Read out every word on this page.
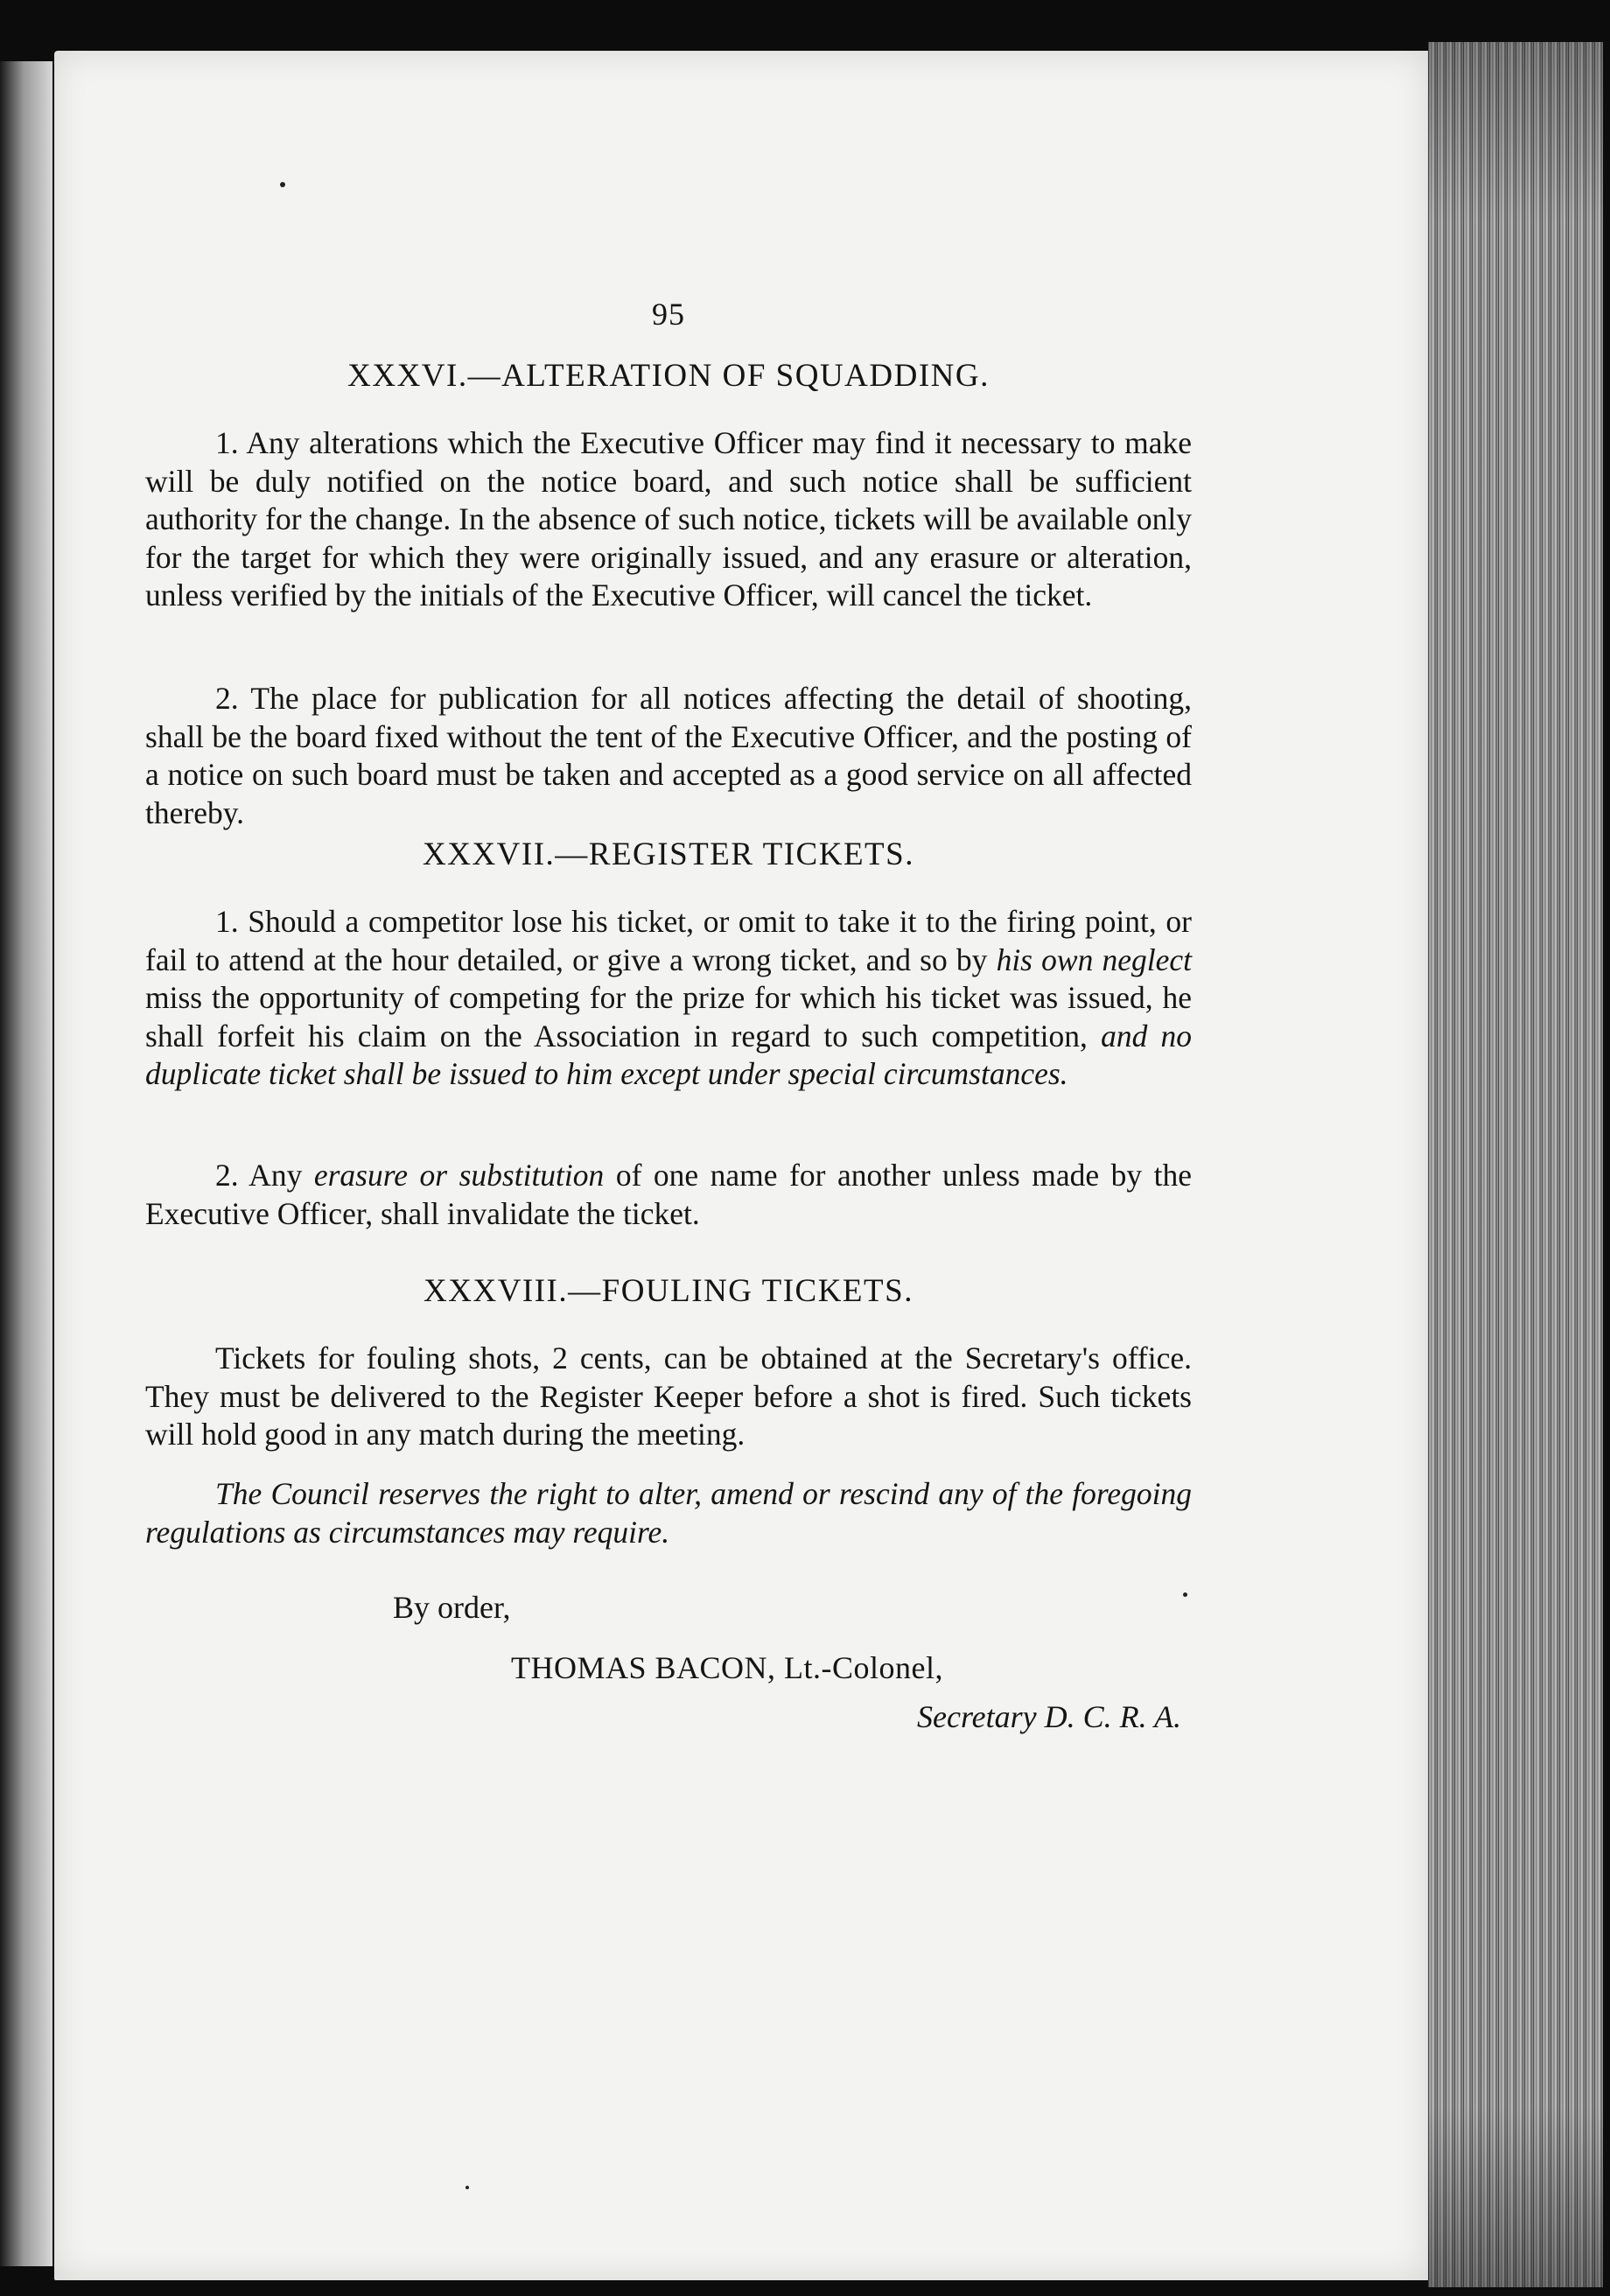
95
XXXVI.—ALTERATION OF SQUADDING.

1. Any alterations which the Executive Officer may find it necessary to make will be duly notified on the notice board, and such notice shall be sufficient authority for the change. In the absence of such notice, tickets will be available only for the target for which they were originally issued, and any erasure or alteration, unless verified by the initials of the Executive Officer, will cancel the ticket.

2. The place for publication for all notices affecting the detail of shooting, shall be the board fixed without the tent of the Executive Officer, and the posting of a notice on such board must be taken and accepted as a good service on all affected thereby.

XXXVII.—REGISTER TICKETS.

1. Should a competitor lose his ticket, or omit to take it to the firing point, or fail to attend at the hour detailed, or give a wrong ticket, and so by his own neglect miss the opportunity of competing for the prize for which his ticket was issued, he shall forfeit his claim on the Association in regard to such competition, and no duplicate ticket shall be issued to him except under special circumstances.

2. Any erasure or substitution of one name for another unless made by the Executive Officer, shall invalidate the ticket.

XXXVIII.—FOULING TICKETS.

Tickets for fouling shots, 2 cents, can be obtained at the Secretary's office. They must be delivered to the Register Keeper before a shot is fired. Such tickets will hold good in any match during the meeting.

The Council reserves the right to alter, amend or rescind any of the foregoing regulations as circumstances may require.

By order,
THOMAS BACON, Lt.-Colonel,
Secretary D. C. R. A.
